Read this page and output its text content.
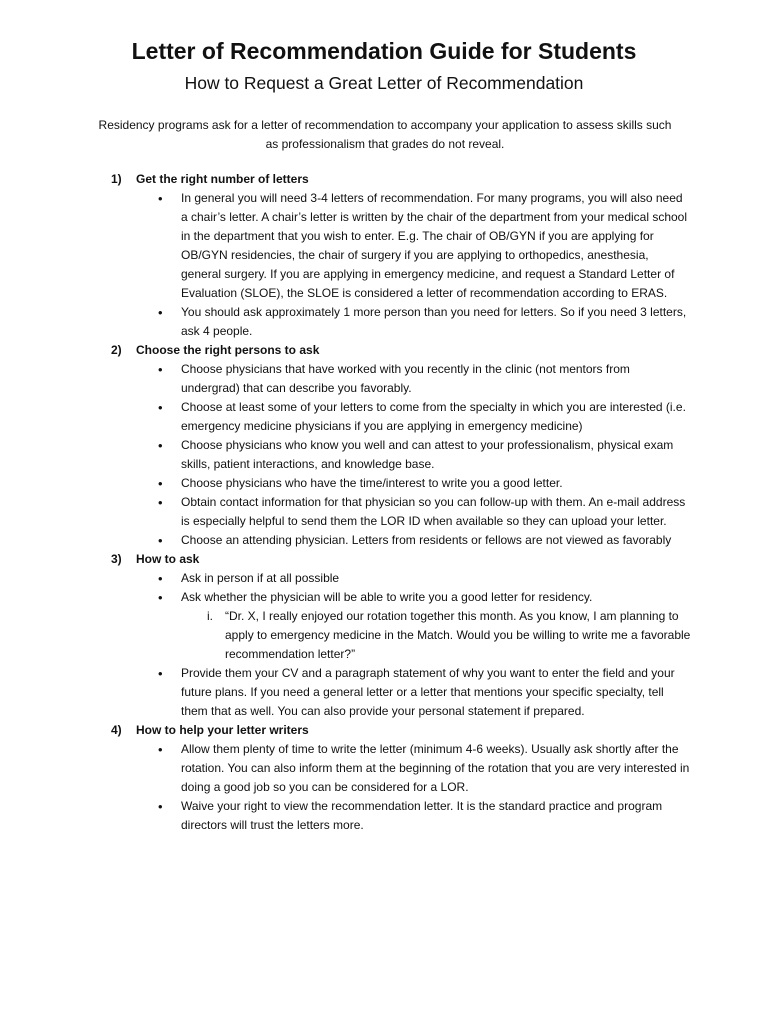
Letter of Recommendation Guide for Students
How to Request a Great Letter of Recommendation
Residency programs ask for a letter of recommendation to accompany your application to assess skills such as professionalism that grades do not reveal.
1) Get the right number of letters
• In general you will need 3-4 letters of recommendation. For many programs, you will also need a chair’s letter. A chair’s letter is written by the chair of the department from your medical school in the department that you wish to enter. E.g. The chair of OB/GYN if you are applying for OB/GYN residencies, the chair of surgery if you are applying to orthopedics, anesthesia, general surgery. If you are applying in emergency medicine, and request a Standard Letter of Evaluation (SLOE), the SLOE is considered a letter of recommendation according to ERAS.
• You should ask approximately 1 more person than you need for letters. So if you need 3 letters, ask 4 people.
2) Choose the right persons to ask
• Choose physicians that have worked with you recently in the clinic (not mentors from undergrad) that can describe you favorably.
• Choose at least some of your letters to come from the specialty in which you are interested (i.e. emergency medicine physicians if you are applying in emergency medicine)
• Choose physicians who know you well and can attest to your professionalism, physical exam skills, patient interactions, and knowledge base.
• Choose physicians who have the time/interest to write you a good letter.
• Obtain contact information for that physician so you can follow-up with them. An e-mail address is especially helpful to send them the LOR ID when available so they can upload your letter.
• Choose an attending physician. Letters from residents or fellows are not viewed as favorably
3) How to ask
• Ask in person if at all possible
• Ask whether the physician will be able to write you a good letter for residency.
i. “Dr. X, I really enjoyed our rotation together this month. As you know, I am planning to apply to emergency medicine in the Match. Would you be willing to write me a favorable recommendation letter?”
• Provide them your CV and a paragraph statement of why you want to enter the field and your future plans. If you need a general letter or a letter that mentions your specific specialty, tell them that as well. You can also provide your personal statement if prepared.
4) How to help your letter writers
• Allow them plenty of time to write the letter (minimum 4-6 weeks). Usually ask shortly after the rotation. You can also inform them at the beginning of the rotation that you are very interested in doing a good job so you can be considered for a LOR.
• Waive your right to view the recommendation letter. It is the standard practice and program directors will trust the letters more.
